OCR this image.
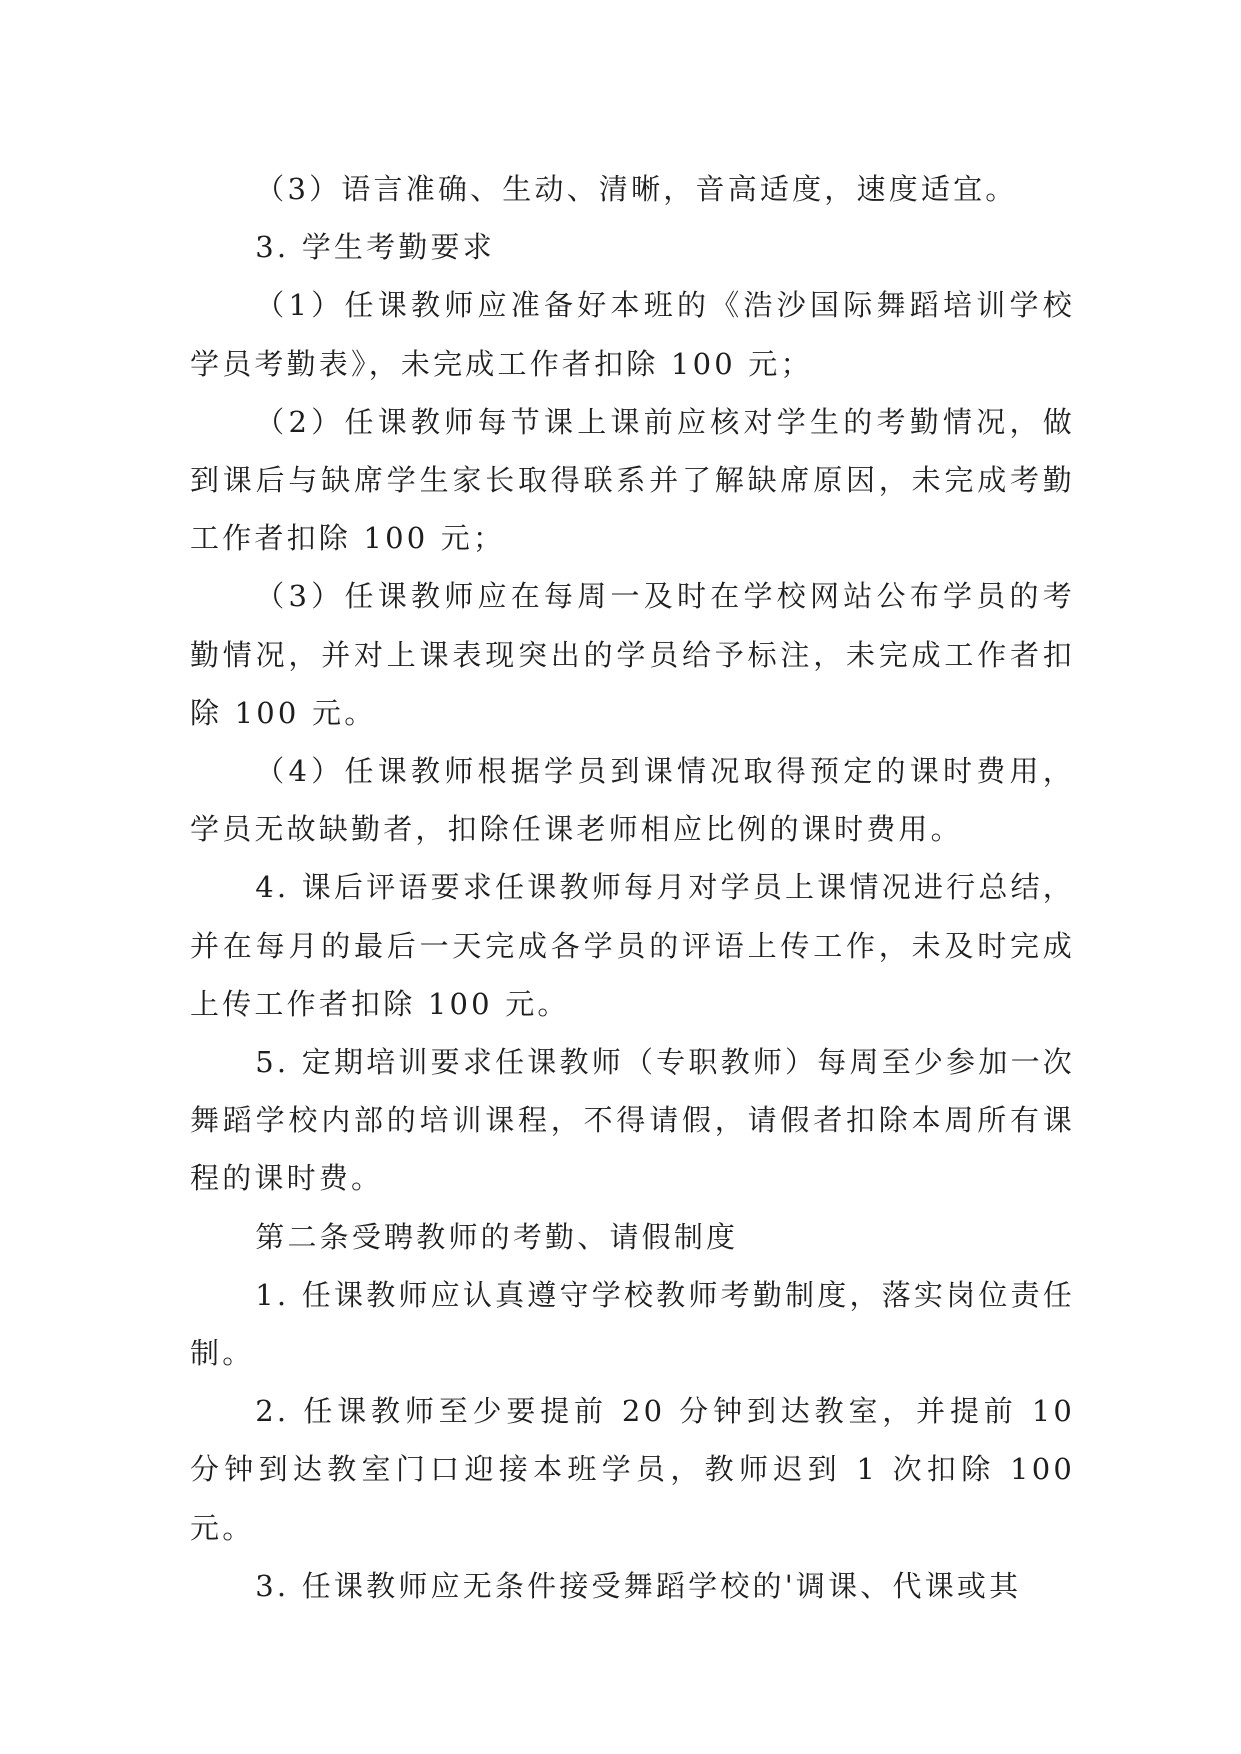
（3）语言准确、生动、清晰，音高适度，速度适宜。

3. 学生考勤要求

（1）任课教师应准备好本班的《浩沙国际舞蹈培训学校学员考勤表》，未完成工作者扣除 100 元；

（2）任课教师每节课上课前应核对学生的考勤情况，做到课后与缺席学生家长取得联系并了解缺席原因，未完成考勤工作者扣除 100 元；

（3）任课教师应在每周一及时在学校网站公布学员的考勤情况，并对上课表现突出的学员给予标注，未完成工作者扣除 100 元。

（4）任课教师根据学员到课情况取得预定的课时费用，学员无故缺勤者，扣除任课老师相应比例的课时费用。

4. 课后评语要求任课教师每月对学员上课情况进行总结，并在每月的最后一天完成各学员的评语上传工作，未及时完成上传工作者扣除 100 元。

5. 定期培训要求任课教师（专职教师）每周至少参加一次舞蹈学校内部的培训课程，不得请假，请假者扣除本周所有课程的课时费。

第二条受聘教师的考勤、请假制度

1. 任课教师应认真遵守学校教师考勤制度，落实岗位责任制。

2. 任课教师至少要提前 20 分钟到达教室，并提前 10 分钟到达教室门口迎接本班学员，教师迟到 1 次扣除 100 元。

3. 任课教师应无条件接受舞蹈学校的'调课、代课或其
